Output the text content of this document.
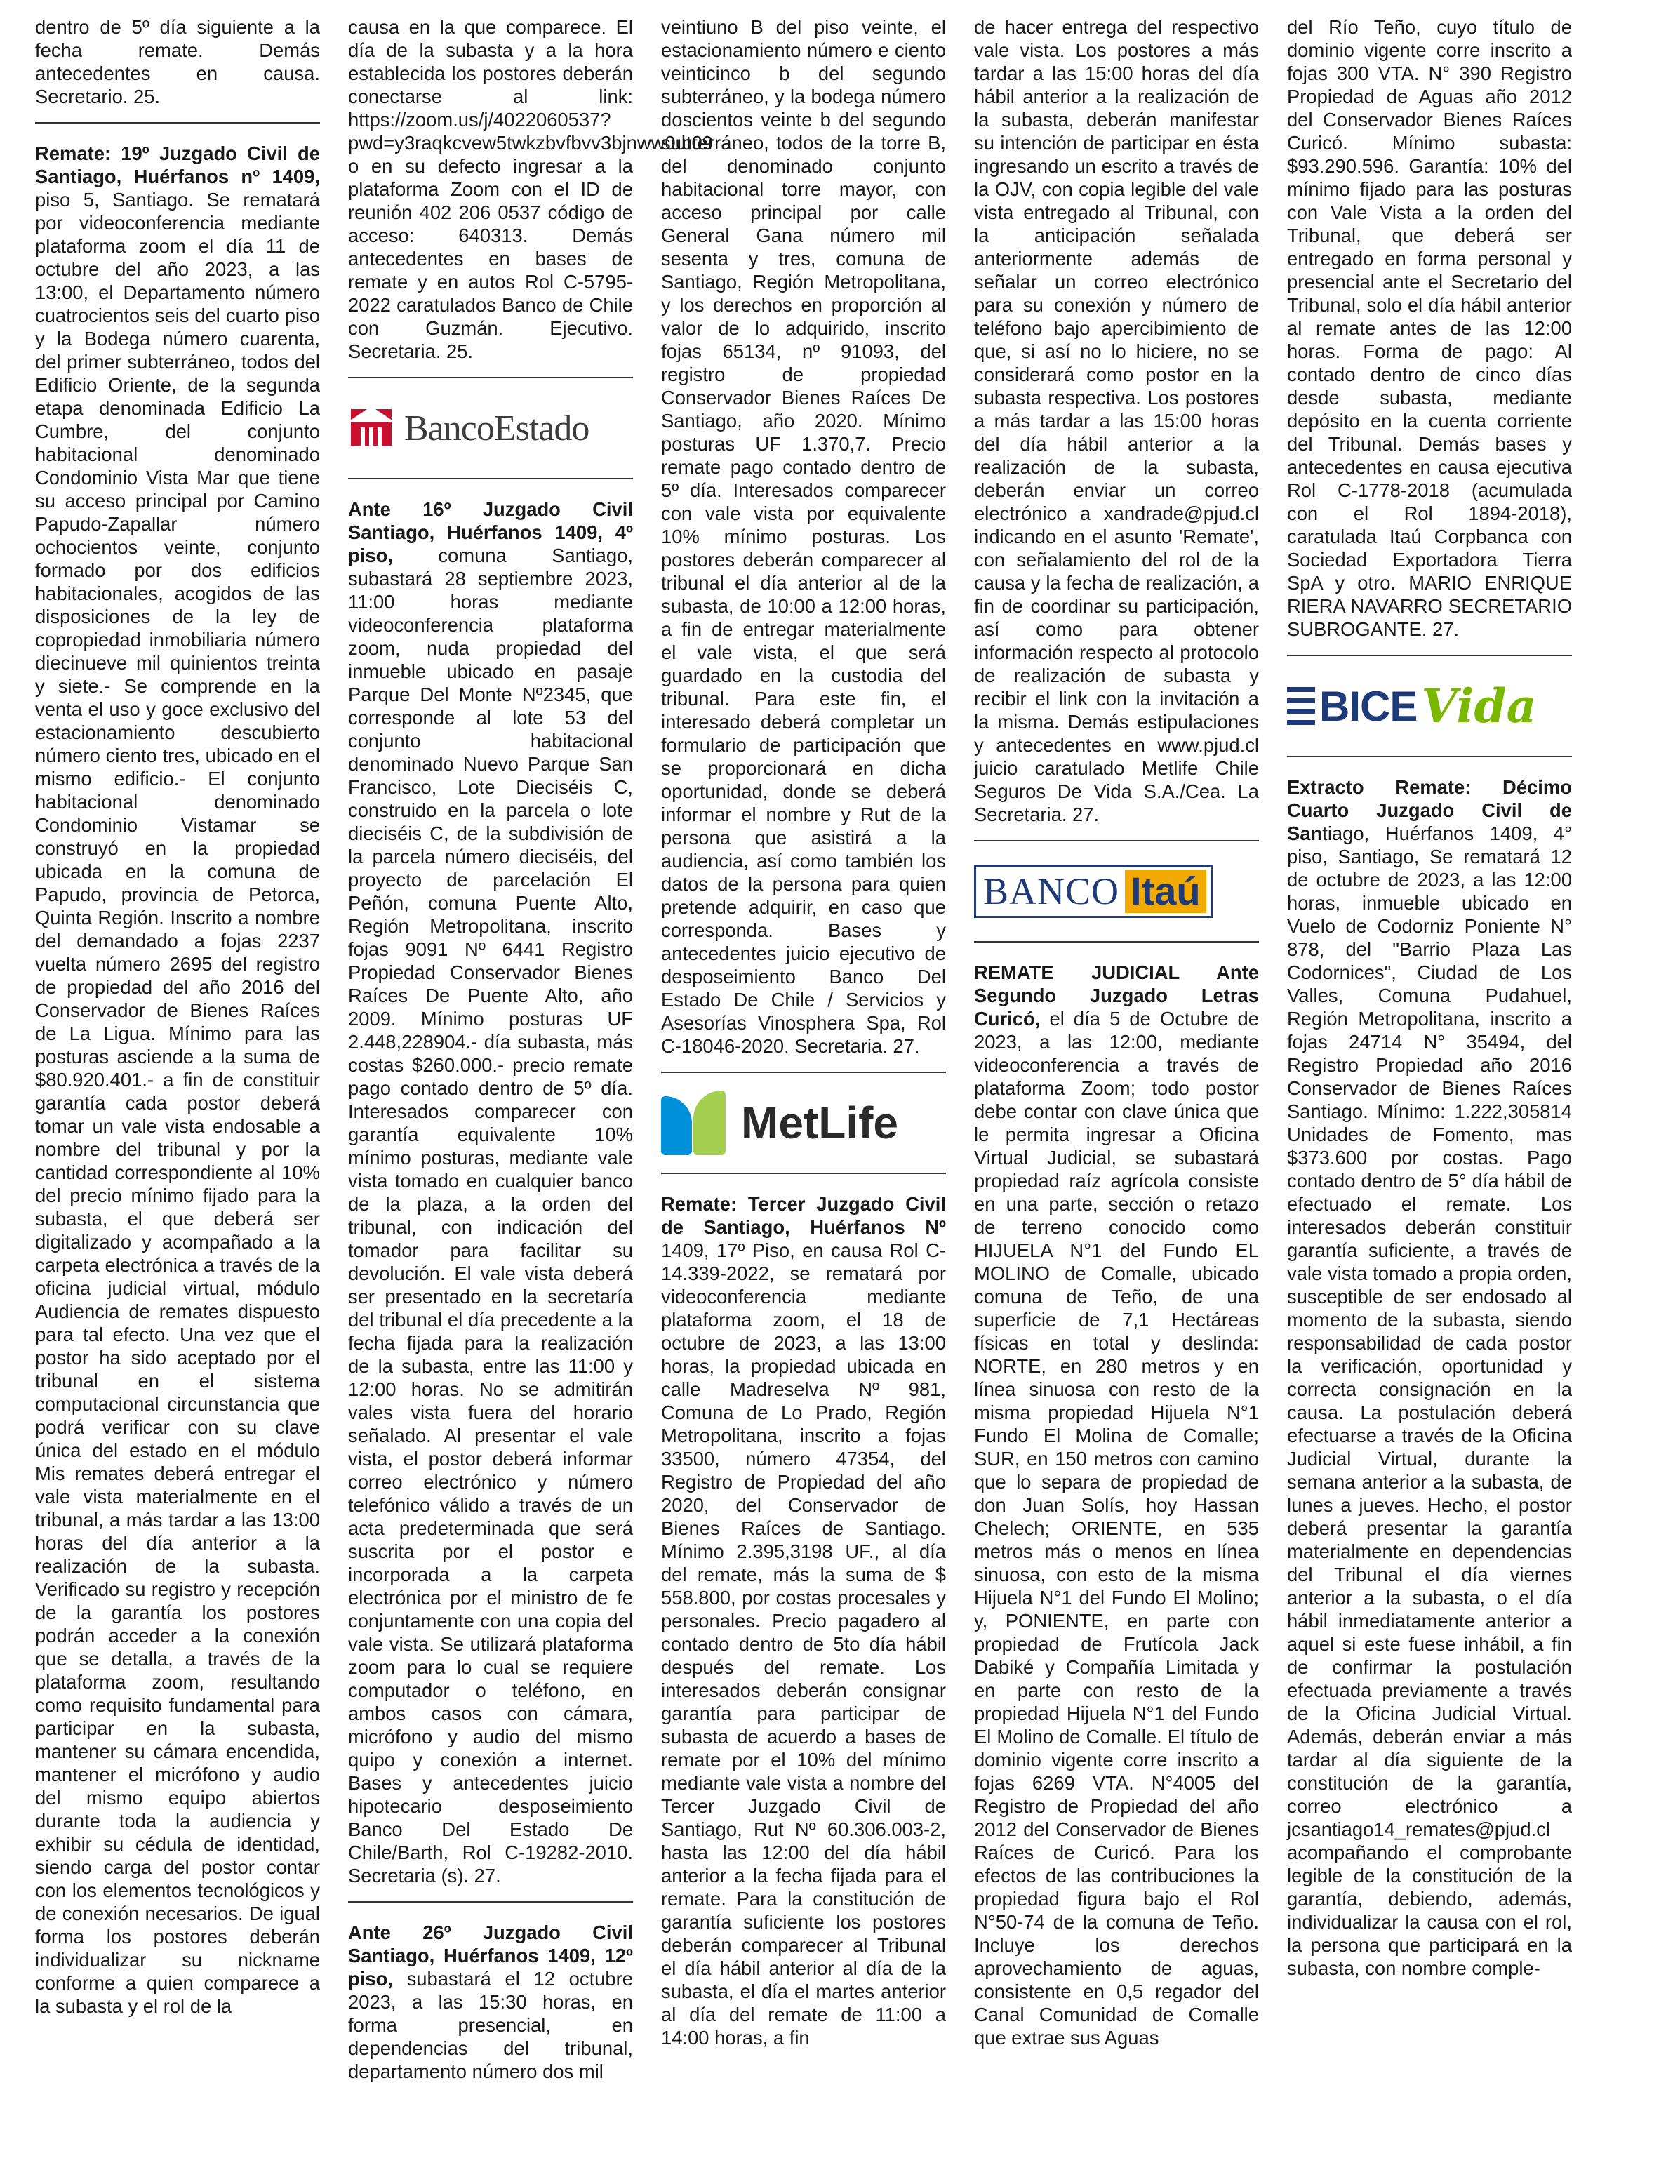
dentro de 5º día siguiente a la fecha remate. Demás antecedentes en causa. Secretario. 25.

Remate: 19º Juzgado Civil de Santiago, Huérfanos nº 1409, piso 5, Santiago. Se rematará por videoconferencia mediante plataforma zoom el día 11 de octubre del año 2023, a las 13:00, el Departamento número cuatrocientos seis del cuarto piso y la Bodega número cuarenta, del primer subterráneo, todos del Edificio Oriente, de la segunda etapa denominada Edificio La Cumbre, del conjunto habitacional denominado Condominio Vista Mar que tiene su acceso principal por Camino Papudo-Zapallar número ochocientos veinte, conjunto formado por dos edificios habitacionales, acogidos de las disposiciones de la ley de copropiedad inmobiliaria número diecinueve mil quinientos treinta y siete.- Se comprende en la venta el uso y goce exclusivo del estacionamiento descubierto número ciento tres, ubicado en el mismo edificio.- El conjunto habitacional denominado Condominio Vistamar se construyó en la propiedad ubicada en la comuna de Papudo, provincia de Petorca, Quinta Región. Inscrito a nombre del demandado a fojas 2237 vuelta número 2695 del registro de propiedad del año 2016 del Conservador de Bienes Raíces de La Ligua. Mínimo para las posturas asciende a la suma de $80.920.401.- a fin de constituir garantía cada postor deberá tomar un vale vista endosable a nombre del tribunal y por la cantidad correspondiente al 10% del precio mínimo fijado para la subasta, el que deberá ser digitalizado y acompañado a la carpeta electrónica a través de la oficina judicial virtual, módulo Audiencia de remates dispuesto para tal efecto. Una vez que el postor ha sido aceptado por el tribunal en el sistema computacional circunstancia que podrá verificar con su clave única del estado en el módulo Mis remates deberá entregar el vale vista materialmente en el tribunal, a más tardar a las 13:00 horas del día anterior a la realización de la subasta. Verificado su registro y recepción de la garantía los postores podrán acceder a la conexión que se detalla, a través de la plataforma zoom, resultando como requisito fundamental para participar en la subasta, mantener su cámara encendida, mantener el micrófono y audio del mismo equipo abiertos durante toda la audiencia y exhibir su cédula de identidad, siendo carga del postor contar con los elementos tecnológicos y de conexión necesarios. De igual forma los postores deberán individualizar su nickname conforme a quien comparece a la subasta y el rol de la

causa en la que comparece. El día de la subasta y a la hora establecida los postores deberán conectarse al link: https://zoom.us/j/4022060537?pwd=y3raqkcvew5twkzbvfbvv3bjnww0ut09 o en su defecto ingresar a la plataforma Zoom con el ID de reunión 402 206 0537 código de acceso: 640313. Demás antecedentes en bases de remate y en autos Rol C-5795-2022 caratulados Banco de Chile con Guzmán. Ejecutivo. Secretaria. 25.

BancoEstado

Ante 16º Juzgado Civil Santiago, Huérfanos 1409, 4º piso, comuna Santiago, subastará 28 septiembre 2023, 11:00 horas mediante videoconferencia plataforma zoom, nuda propiedad del inmueble ubicado en pasaje Parque Del Monte Nº2345, que corresponde al lote 53 del conjunto habitacional denominado Nuevo Parque San Francisco, Lote Dieciséis C, construido en la parcela o lote dieciséis C, de la subdivisión de la parcela número dieciséis, del proyecto de parcelación El Peñón, comuna Puente Alto, Región Metropolitana, inscrito fojas 9091 Nº 6441 Registro Propiedad Conservador Bienes Raíces De Puente Alto, año 2009. Mínimo posturas UF 2.448,228904.- día subasta, más costas $260.000.- precio remate pago contado dentro de 5º día. Interesados comparecer con garantía equivalente 10% mínimo posturas, mediante vale vista tomado en cualquier banco de la plaza, a la orden del tribunal, con indicación del tomador para facilitar su devolución. El vale vista deberá ser presentado en la secretaría del tribunal el día precedente a la fecha fijada para la realización de la subasta, entre las 11:00 y 12:00 horas. No se admitirán vales vista fuera del horario señalado. Al presentar el vale vista, el postor deberá informar correo electrónico y número telefónico válido a través de un acta predeterminada que será suscrita por el postor e incorporada a la carpeta electrónica por el ministro de fe conjuntamente con una copia del vale vista. Se utilizará plataforma zoom para lo cual se requiere computador o teléfono, en ambos casos con cámara, micrófono y audio del mismo quipo y conexión a internet. Bases y antecedentes juicio hipotecario desposeimiento Banco Del Estado De Chile/Barth, Rol C-19282-2010. Secretaria (s). 27.

Ante 26º Juzgado Civil Santiago, Huérfanos 1409, 12º piso, subastará el 12 octubre 2023, a las 15:30 horas, en forma presencial, en dependencias del tribunal, departamento número dos mil

veintiuno B del piso veinte, el estacionamiento número e ciento veinticinco b del segundo subterráneo, y la bodega número doscientos veinte b del segundo subterráneo, todos de la torre B, del denominado conjunto habitacional torre mayor, con acceso principal por calle General Gana número mil sesenta y tres, comuna de Santiago, Región Metropolitana, y los derechos en proporción al valor de lo adquirido, inscrito fojas 65134, nº 91093, del registro de propiedad Conservador Bienes Raíces De Santiago, año 2020. Mínimo posturas UF 1.370,7. Precio remate pago contado dentro de 5º día. Interesados comparecer con vale vista por equivalente 10% mínimo posturas. Los postores deberán comparecer al tribunal el día anterior al de la subasta, de 10:00 a 12:00 horas, a fin de entregar materialmente el vale vista, el que será guardado en la custodia del tribunal. Para este fin, el interesado deberá completar un formulario de participación que se proporcionará en dicha oportunidad, donde se deberá informar el nombre y Rut de la persona que asistirá a la audiencia, así como también los datos de la persona para quien pretende adquirir, en caso que corresponda. Bases y antecedentes juicio ejecutivo de desposeimiento Banco Del Estado De Chile / Servicios y Asesorías Vinosphera Spa, Rol C-18046-2020. Secretaria. 27.

MetLife

Remate: Tercer Juzgado Civil de Santiago, Huérfanos Nº 1409, 17º Piso, en causa Rol C-14.339-2022, se rematará por videoconferencia mediante plataforma zoom, el 18 de octubre de 2023, a las 13:00 horas, la propiedad ubicada en calle Madreselva Nº 981, Comuna de Lo Prado, Región Metropolitana, inscrito a fojas 33500, número 47354, del Registro de Propiedad del año 2020, del Conservador de Bienes Raíces de Santiago. Mínimo 2.395,3198 UF., al día del remate, más la suma de $ 558.800, por costas procesales y personales. Precio pagadero al contado dentro de 5to día hábil después del remate. Los interesados deberán consignar garantía para participar de subasta de acuerdo a bases de remate por el 10% del mínimo mediante vale vista a nombre del Tercer Juzgado Civil de Santiago, Rut Nº 60.306.003-2, hasta las 12:00 del día hábil anterior a la fecha fijada para el remate. Para la constitución de garantía suficiente los postores deberán comparecer al Tribunal el día hábil anterior al día de la subasta, el día el martes anterior al día del remate de 11:00 a 14:00 horas, a fin

de hacer entrega del respectivo vale vista. Los postores a más tardar a las 15:00 horas del día hábil anterior a la realización de la subasta, deberán manifestar su intención de participar en ésta ingresando un escrito a través de la OJV, con copia legible del vale vista entregado al Tribunal, con la anticipación señalada anteriormente además de señalar un correo electrónico para su conexión y número de teléfono bajo apercibimiento de que, si así no lo hiciere, no se considerará como postor en la subasta respectiva. Los postores a más tardar a las 15:00 horas del día hábil anterior a la realización de la subasta, deberán enviar un correo electrónico a xandrade@pjud.cl indicando en el asunto 'Remate', con señalamiento del rol de la causa y la fecha de realización, a fin de coordinar su participación, así como para obtener información respecto al protocolo de realización de subasta y recibir el link con la invitación a la misma. Demás estipulaciones y antecedentes en www.pjud.cl juicio caratulado Metlife Chile Seguros De Vida S.A./Cea. La Secretaria. 27.

BANCO Itaú

REMATE JUDICIAL Ante Segundo Juzgado Letras Curicó, el día 5 de Octubre de 2023, a las 12:00, mediante videoconferencia a través de plataforma Zoom; todo postor debe contar con clave única que le permita ingresar a Oficina Virtual Judicial, se subastará propiedad raíz agrícola consiste en una parte, sección o retazo de terreno conocido como HIJUELA N°1 del Fundo EL MOLINO de Comalle, ubicado comuna de Teño, de una superficie de 7,1 Hectáreas físicas en total y deslinda: NORTE, en 280 metros y en línea sinuosa con resto de la misma propiedad Hijuela N°1 Fundo El Molina de Comalle; SUR, en 150 metros con camino que lo separa de propiedad de don Juan Solís, hoy Hassan Chelech; ORIENTE, en 535 metros más o menos en línea sinuosa, con esto de la misma Hijuela N°1 del Fundo El Molino; y, PONIENTE, en parte con propiedad de Frutícola Jack Dabiké y Compañía Limitada y en parte con resto de la propiedad Hijuela N°1 del Fundo El Molino de Comalle. El título de dominio vigente corre inscrito a fojas 6269 VTA. N°4005 del Registro de Propiedad del año 2012 del Conservador de Bienes Raíces de Curicó. Para los efectos de las contribuciones la propiedad figura bajo el Rol N°50-74 de la comuna de Teño. Incluye los derechos aprovechamiento de aguas, consistente en 0,5 regador del Canal Comunidad de Comalle que extrae sus Aguas

del Río Teño, cuyo título de dominio vigente corre inscrito a fojas 300 VTA. N° 390 Registro Propiedad de Aguas año 2012 del Conservador Bienes Raíces Curicó. Mínimo subasta: $93.290.596. Garantía: 10% del mínimo fijado para las posturas con Vale Vista a la orden del Tribunal, que deberá ser entregado en forma personal y presencial ante el Secretario del Tribunal, solo el día hábil anterior al remate antes de las 12:00 horas. Forma de pago: Al contado dentro de cinco días desde subasta, mediante depósito en la cuenta corriente del Tribunal. Demás bases y antecedentes en causa ejecutiva Rol C-1778-2018 (acumulada con el Rol 1894-2018), caratulada Itaú Corpbanca con Sociedad Exportadora Tierra SpA y otro. MARIO ENRIQUE RIERA NAVARRO SECRETARIO SUBROGANTE. 27.

BICE Vida

Extracto Remate: Décimo Cuarto Juzgado Civil de Santiago, Huérfanos 1409, 4° piso, Santiago, Se rematará 12 de octubre de 2023, a las 12:00 horas, inmueble ubicado en Vuelo de Codorniz Poniente N° 878, del "Barrio Plaza Las Codornices", Ciudad de Los Valles, Comuna Pudahuel, Región Metropolitana, inscrito a fojas 24714 N° 35494, del Registro Propiedad año 2016 Conservador de Bienes Raíces Santiago. Mínimo: 1.222,305814 Unidades de Fomento, mas $373.600 por costas. Pago contado dentro de 5° día hábil de efectuado el remate. Los interesados deberán constituir garantía suficiente, a través de vale vista tomado a propia orden, susceptible de ser endosado al momento de la subasta, siendo responsabilidad de cada postor la verificación, oportunidad y correcta consignación en la causa. La postulación deberá efectuarse a través de la Oficina Judicial Virtual, durante la semana anterior a la subasta, de lunes a jueves. Hecho, el postor deberá presentar la garantía materialmente en dependencias del Tribunal el día viernes anterior a la subasta, o el día hábil inmediatamente anterior a aquel si este fuese inhábil, a fin de confirmar la postulación efectuada previamente a través de la Oficina Judicial Virtual. Además, deberán enviar a más tardar al día siguiente de la constitución de la garantía, correo electrónico a jcsantiago14_remates@pjud.cl acompañando el comprobante legible de la constitución de la garantía, debiendo, además, individualizar la causa con el rol, la persona que participará en la subasta, con nombre comple-
